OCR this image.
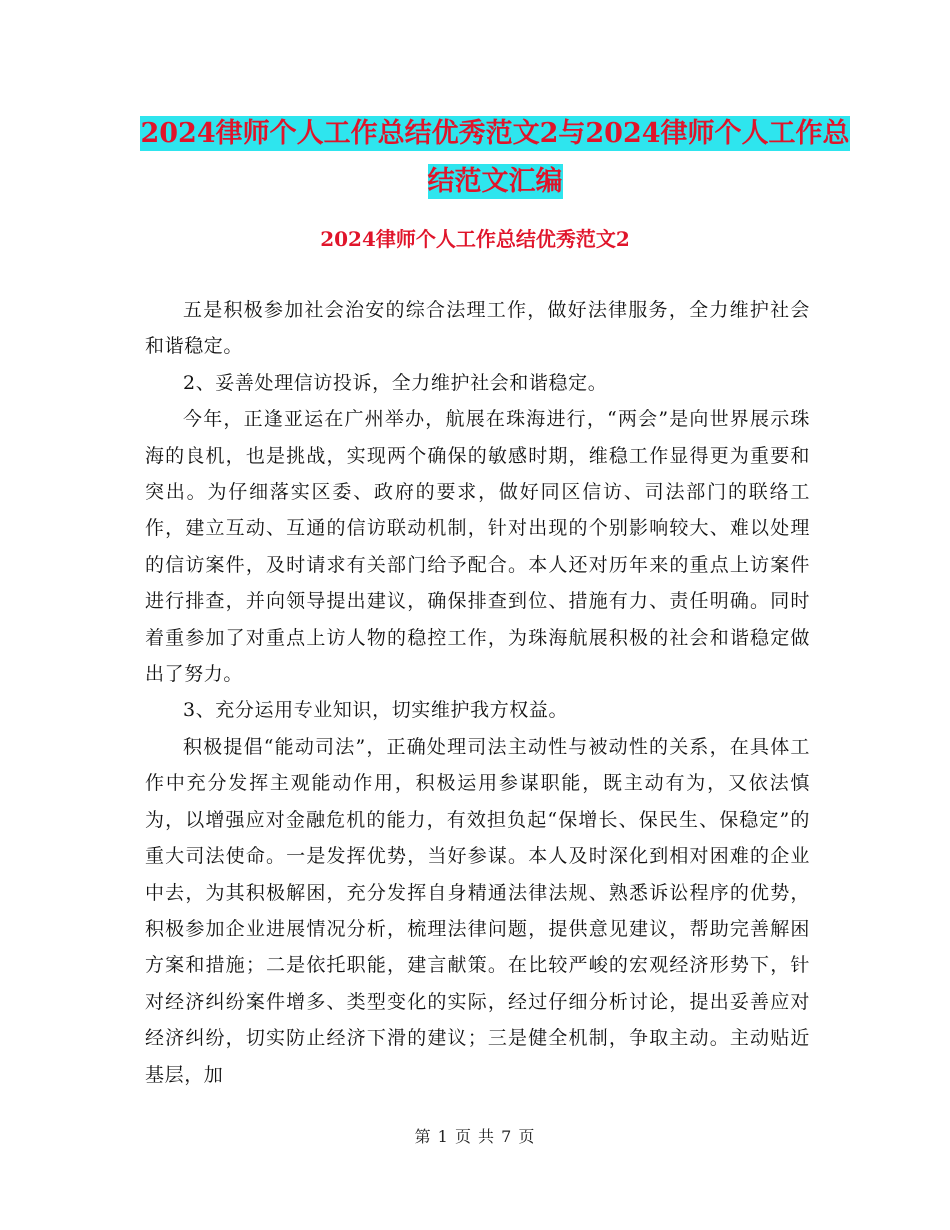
2024律师个人工作总结优秀范文2与2024律师个人工作总结范文汇编
2024律师个人工作总结优秀范文2

五是积极参加社会治安的综合法理工作，做好法律服务，全力维护社会和谐稳定。

2、妥善处理信访投诉，全力维护社会和谐稳定。

今年，正逢亚运在广州举办，航展在珠海进行，“两会”是向世界展示珠海的良机，也是挑战，实现两个确保的敏感时期，维稳工作显得更为重要和突出。为仔细落实区委、政府的要求，做好同区信访、司法部门的联络工作，建立互动、互通的信访联动机制，针对出现的个别影响较大、难以处理的信访案件，及时请求有关部门给予配合。本人还对历年来的重点上访案件进行排查，并向领导提出建议，确保排查到位、措施有力、责任明确。同时着重参加了对重点上访人物的稳控工作，为珠海航展积极的社会和谐稳定做出了努力。

3、充分运用专业知识，切实维护我方权益。

积极提倡“能动司法”，正确处理司法主动性与被动性的关系，在具体工作中充分发挥主观能动作用，积极运用参谋职能，既主动有为，又依法慎为，以增强应对金融危机的能力，有效担负起“保增长、保民生、保稳定”的重大司法使命。一是发挥优势，当好参谋。本人及时深化到相对困难的企业中去，为其积极解困，充分发挥自身精通法律法规、熟悉诉讼程序的优势，积极参加企业进展情况分析，梳理法律问题，提供意见建议，帮助完善解困方案和措施；二是依托职能，建言献策。在比较严峻的宏观经济形势下，针对经济纠纷案件增多、类型变化的实际，经过仔细分析讨论，提出妥善应对经济纠纷，切实防止经济下滑的建议；三是健全机制，争取主动。主动贴近基层，加

第 1 页 共 7 页
